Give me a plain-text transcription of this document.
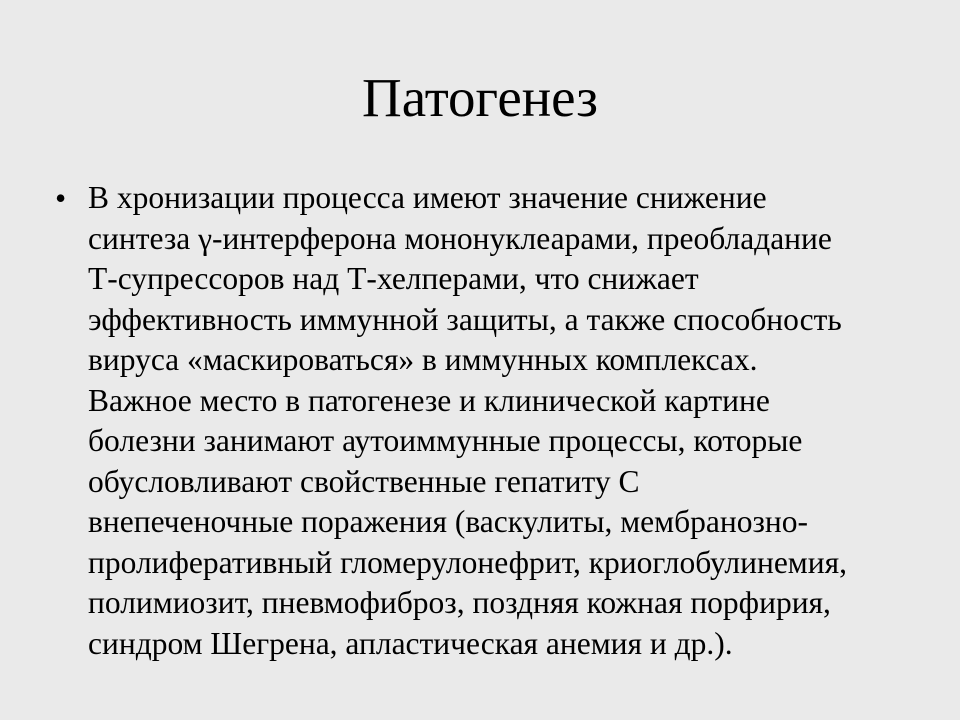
Патогенез
• В хронизации процесса имеют значение снижение
синтеза γ-интерферона мононуклеарами, преобладание
Т-супрессоров над Т-хелперами, что снижает
эффективность иммунной защиты, а также способность
вируса «маскироваться» в иммунных комплексах.
Важное место в патогенезе и клинической картине
болезни занимают аутоиммунные процессы, которые
обусловливают свойственные гепатиту С
внепеченочные поражения (васкулиты, мембранозно-
пролиферативный гломерулонефрит, криоглобулинемия,
полимиозит, пневмофиброз, поздняя кожная порфирия,
синдром Шегрена, апластическая анемия и др.).
